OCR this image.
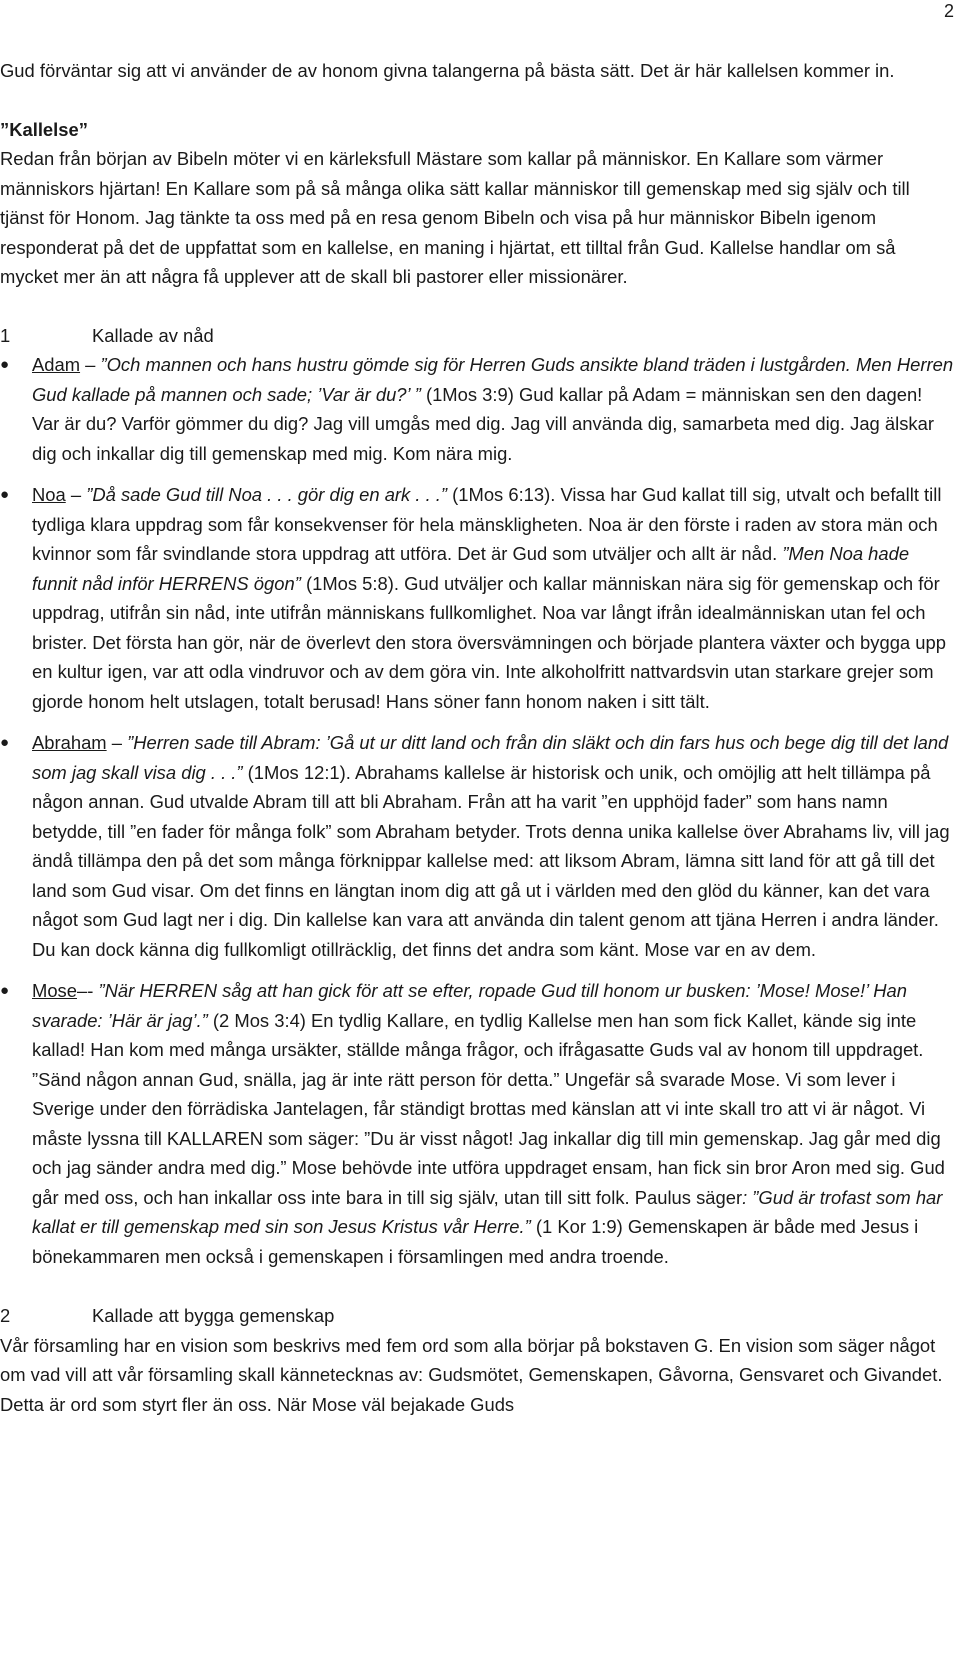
2

Gud förväntar sig att vi använder de av honom givna talangerna på bästa sätt. Det är här kallelsen kommer in.

”Kallelse”

Redan från början av Bibeln möter vi en kärleksfull Mästare som kallar på människor. En Kallare som värmer människors hjärtan! En Kallare som på så många olika sätt kallar människor till gemenskap med sig själv och till tjänst för Honom. Jag tänkte ta oss med på en resa genom Bibeln och visa på hur människor Bibeln igenom responderat på det de uppfattat som en kallelse, en maning i hjärtat, ett tilltal från Gud. Kallelse handlar om så mycket mer än att några få upplever att de skall bli pastorer eller missionärer.

1	Kallade av nåd
● Adam – ”Och mannen och hans hustru gömde sig för Herren Guds ansikte bland träden i lustgården. Men Herren Gud kallade på mannen och sade; ’Var är du?’ ” (1Mos 3:9) Gud kallar på Adam = människan sen den dagen! Var är du? Varför gömmer du dig? Jag vill umgås med dig. Jag vill använda dig, samarbeta med dig. Jag älskar dig och inkallar dig till gemenskap med mig. Kom nära mig.
● Noa – ”Då sade Gud till Noa . . . gör dig en ark . . .” (1Mos 6:13). Vissa har Gud kallat till sig, utvalt och befallt till tydliga klara uppdrag som får konsekvenser för hela mänskligheten. Noa är den förste i raden av stora män och kvinnor som får svindlande stora uppdrag att utföra. Det är Gud som utväljer och allt är nåd. ”Men Noa hade funnit nåd inför HERRENS ögon” (1Mos 5:8). Gud utväljer och kallar människan nära sig för gemenskap och för uppdrag, utifrån sin nåd, inte utifrån människans fullkomlighet. Noa var långt ifrån idealmänniskan utan fel och brister. Det första han gör, när de överlevt den stora översvämningen och började plantera växter och bygga upp en kultur igen, var att odla vindruvor och av dem göra vin. Inte alkoholfritt nattvardsvin utan starkare grejer som gjorde honom helt utslagen, totalt berusad! Hans söner fann honom naken i sitt tält.
● Abraham – ”Herren sade till Abram: ’Gå ut ur ditt land och från din släkt och din fars hus och bege dig till det land som jag skall visa dig . . .” (1Mos 12:1). Abrahams kallelse är historisk och unik, och omöjlig att helt tillämpa på någon annan. Gud utvalde Abram till att bli Abraham. Från att ha varit ”en upphöjd fader” som hans namn betydde, till ”en fader för många folk” som Abraham betyder. Trots denna unika kallelse över Abrahams liv, vill jag ändå tillämpa den på det som många förknippar kallelse med: att liksom Abram, lämna sitt land för att gå till det land som Gud visar. Om det finns en längtan inom dig att gå ut i världen med den glöd du känner, kan det vara något som Gud lagt ner i dig. Din kallelse kan vara att använda din talent genom att tjäna Herren i andra länder. Du kan dock känna dig fullkomligt otillräcklig, det finns det andra som känt. Mose var en av dem.
● Mose–- ”När HERREN såg att han gick för att se efter, ropade Gud till honom ur busken: ’Mose! Mose!’ Han svarade: ’Här är jag’.” (2 Mos 3:4) En tydlig Kallare, en tydlig Kallelse men han som fick Kallet, kände sig inte kallad! Han kom med många ursäkter, ställde många frågor, och ifrågasatte Guds val av honom till uppdraget. ”Sänd någon annan Gud, snälla, jag är inte rätt person för detta.” Ungefär så svarade Mose. Vi som lever i Sverige under den förrädiska Jantelagen, får ständigt brottas med känslan att vi inte skall tro att vi är något. Vi måste lyssna till KALLAREN som säger: ”Du är visst något! Jag inkallar dig till min gemenskap. Jag går med dig och jag sänder andra med dig.” Mose behövde inte utföra uppdraget ensam, han fick sin bror Aron med sig. Gud går med oss, och han inkallar oss inte bara in till sig själv, utan till sitt folk. Paulus säger: ”Gud är trofast som har kallat er till gemenskap med sin son Jesus Kristus vår Herre.” (1 Kor 1:9) Gemenskapen är både med Jesus i bönekammaren men också i gemenskapen i församlingen med andra troende.
2	Kallade att bygga gemenskap

Vår församling har en vision som beskrivs med fem ord som alla börjar på bokstaven G. En vision som säger något om vad vill att vår församling skall kännetecknas av: Gudsmötet, Gemenskapen, Gåvorna, Gensvaret och Givandet. Detta är ord som styrt fler än oss. När Mose väl bejakade Guds
